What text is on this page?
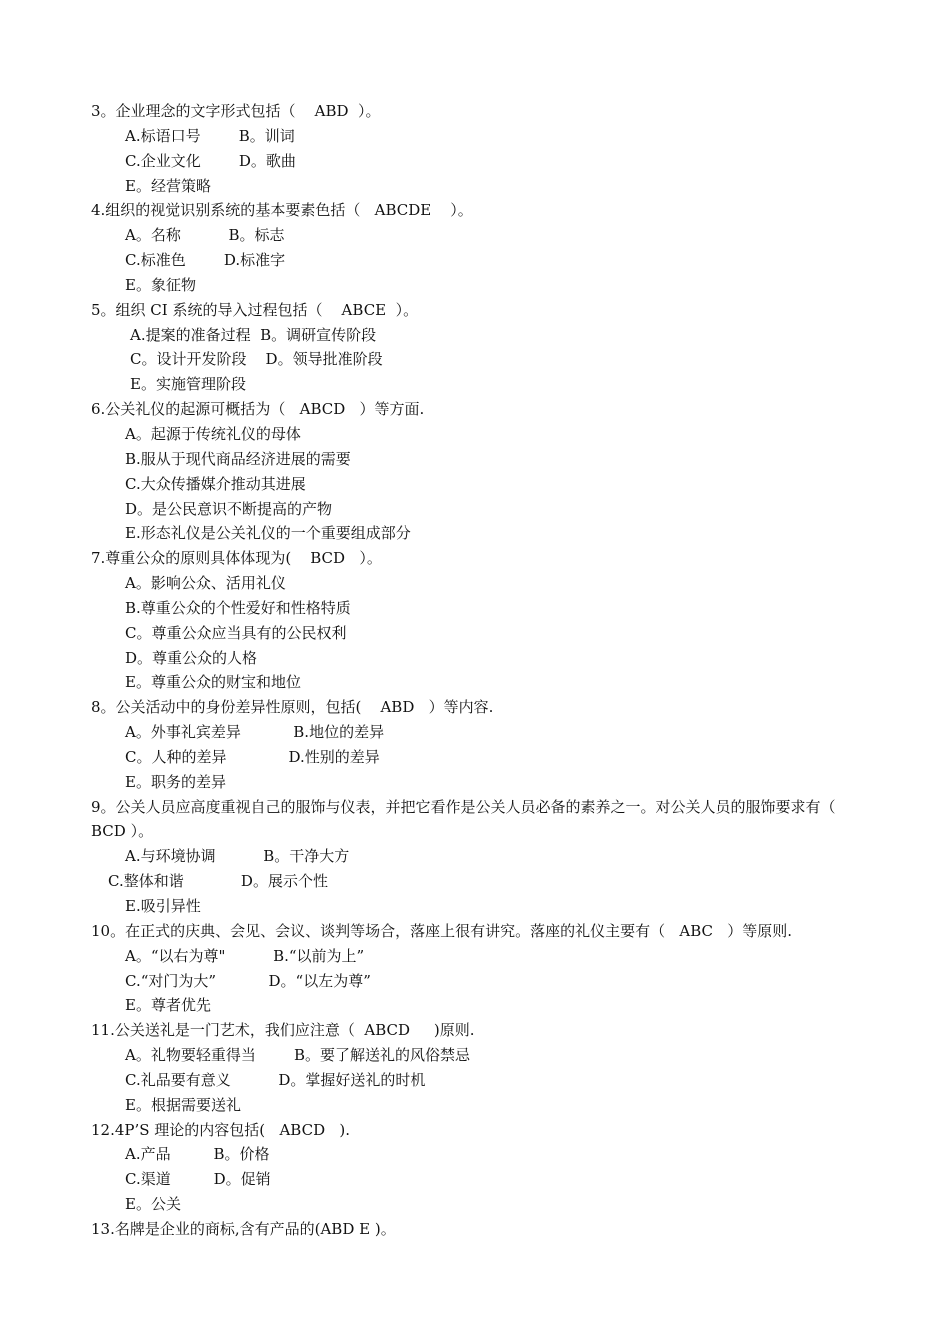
3。企业理念的文字形式包括（    ABD  ）。
A.标语口号        B。训词
C.企业文化        D。歌曲
E。经营策略
4.组织的视觉识别系统的基本要素色括（   ABCDE    ）。
A。名称          B。标志
C.标准色        D.标准字
E。象征物
5。组织 CI 系统的导入过程包括（    ABCE  ）。
A.提案的准备过程  B。调研宣传阶段
C。设计开发阶段    D。领导批准阶段
E。实施管理阶段
6.公关礼仪的起源可概括为（   ABCD   ）等方面.
A。起源于传统礼仪的母体
B.服从于现代商品经济进展的需要
C.大众传播媒介推动其进展
D。是公民意识不断提高的产物
E.形态礼仪是公关礼仪的一个重要组成部分
7.尊重公众的原则具体体现为(    BCD   ）。
A。影响公众、活用礼仪
B.尊重公众的个性爱好和性格特质
C。尊重公众应当具有的公民权利
D。尊重公众的人格
E。尊重公众的财宝和地位
8。公关活动中的身份差异性原则，包括(    ABD   ）等内容.
A。外事礼宾差异           B.地位的差异
C。人种的差异             D.性别的差异
E。职务的差异
9。公关人员应高度重视自己的服饰与仪表，并把它看作是公关人员必备的素养之一。对公关人员的服饰要求有（ BCD ）。
A.与环境协调          B。干净大方
C.整体和谐            D。展示个性
E.吸引异性
10。在正式的庆典、会见、会议、谈判等场合，落座上很有讲究。落座的礼仪主要有（   ABC   ）等原则.
A。“以右为尊"          B.“以前为上”
C.“对门为大”           D。“以左为尊”
E。尊者优先
11.公关送礼是一门艺术，我们应注意（  ABCD     )原则.
A。礼物要轻重得当        B。要了解送礼的风俗禁忌
C.礼品要有意义          D。掌握好送礼的时机
E。根据需要送礼
12.4P’S 理论的内容包括(   ABCD   ).
A.产品         B。价格
C.渠道         D。促销
E。公关
13.名牌是企业的商标,含有产品的(ABD E )。
